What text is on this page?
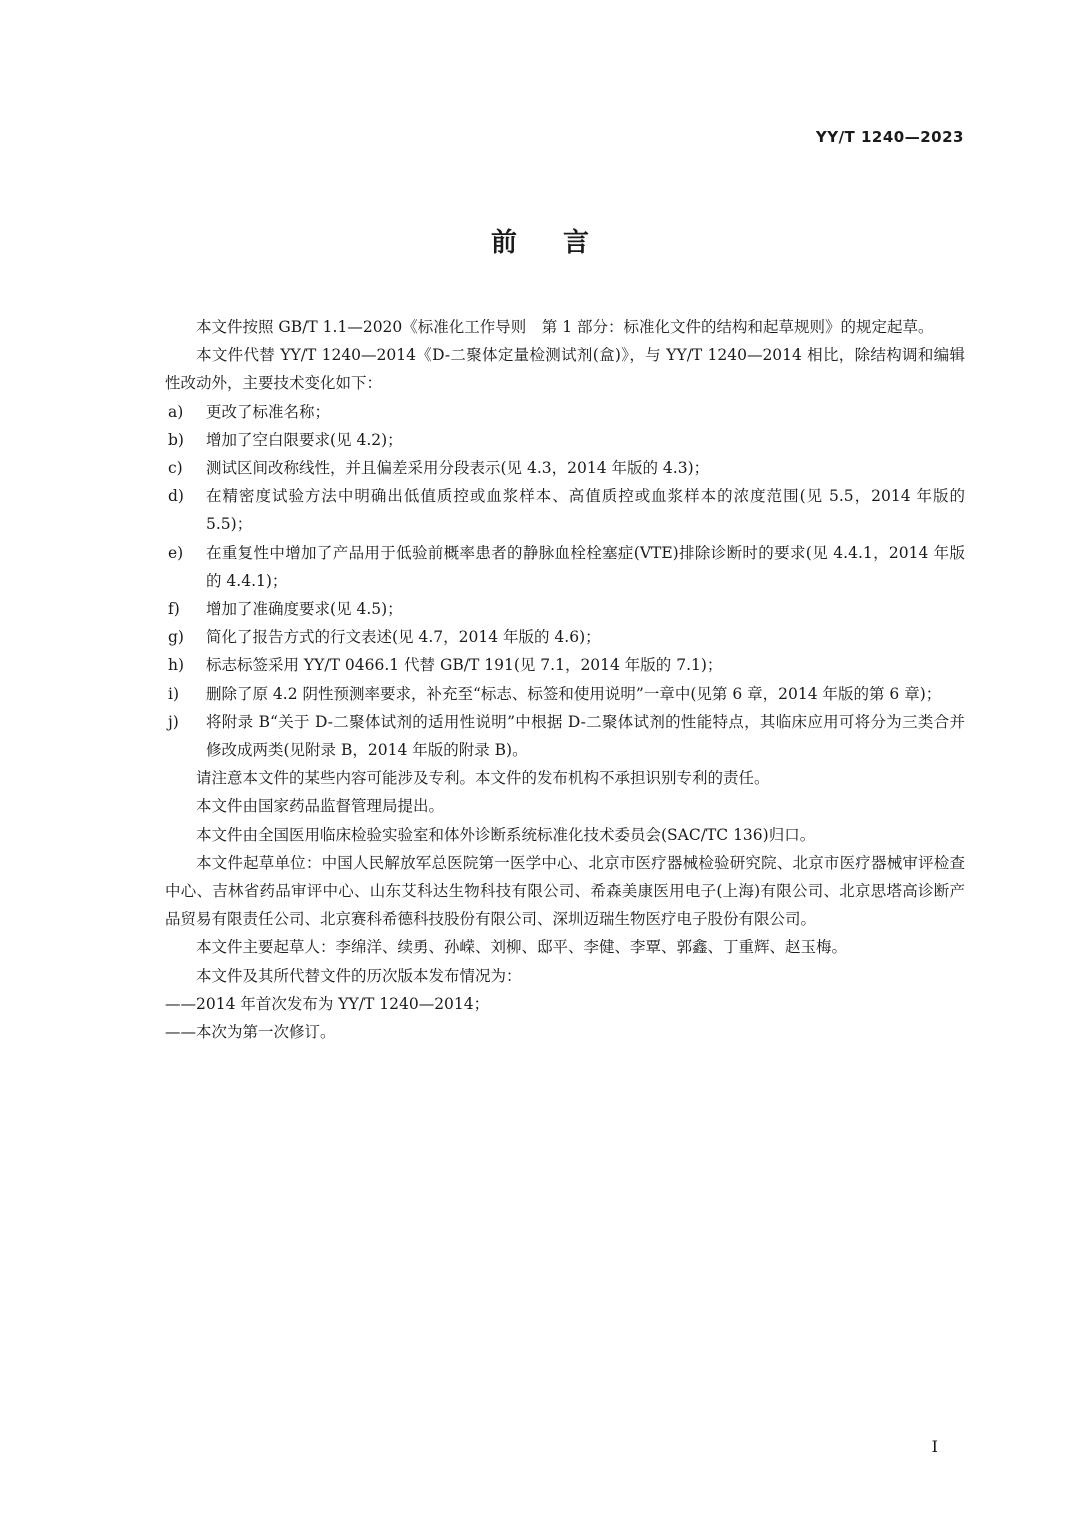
YY/T 1240—2023
前言

本文件按照 GB/T 1.1—2020《标准化工作导则　第 1 部分：标准化文件的结构和起草规则》的规定起草。

本文件代替 YY/T 1240—2014《D-二聚体定量检测试剂(盒)》，与 YY/T 1240—2014 相比，除结构调和编辑性改动外，主要技术变化如下：

a) 更改了标准名称；
b) 增加了空白限要求(见 4.2)；
c) 测试区间改称线性，并且偏差采用分段表示(见 4.3，2014 年版的 4.3)；
d) 在精密度试验方法中明确出低值质控或血浆样本、高值质控或血浆样本的浓度范围(见 5.5，2014 年版的 5.5)；
e) 在重复性中增加了产品用于低验前概率患者的静脉血栓栓塞症(VTE)排除诊断时的要求(见 4.4.1，2014 年版的 4.4.1)；
f) 增加了准确度要求(见 4.5)；
g) 简化了报告方式的行文表述(见 4.7，2014 年版的 4.6)；
h) 标志标签采用 YY/T 0466.1 代替 GB/T 191(见 7.1，2014 年版的 7.1)；
i) 删除了原 4.2 阴性预测率要求，补充至“标志、标签和使用说明”一章中(见第 6 章，2014 年版的第 6 章)；
j) 将附录 B“关于 D-二聚体试剂的适用性说明”中根据 D-二聚体试剂的性能特点，其临床应用可将分为三类合并修改成两类(见附录 B，2014 年版的附录 B)。

请注意本文件的某些内容可能涉及专利。本文件的发布机构不承担识别专利的责任。

本文件由国家药品监督管理局提出。

本文件由全国医用临床检验实验室和体外诊断系统标准化技术委员会(SAC/TC 136)归口。

本文件起草单位：中国人民解放军总医院第一医学中心、北京市医疗器械检验研究院、北京市医疗器械审评检查中心、吉林省药品审评中心、山东艾科达生物科技有限公司、希森美康医用电子(上海)有限公司、北京思塔高诊断产品贸易有限责任公司、北京赛科希德科技股份有限公司、深圳迈瑞生物医疗电子股份有限公司。

本文件主要起草人：李绵洋、续勇、孙嵘、刘柳、邸平、李健、李覃、郭鑫、丁重辉、赵玉梅。

本文件及其所代替文件的历次版本发布情况为：

——2014 年首次发布为 YY/T 1240—2014；

——本次为第一次修订。

I
